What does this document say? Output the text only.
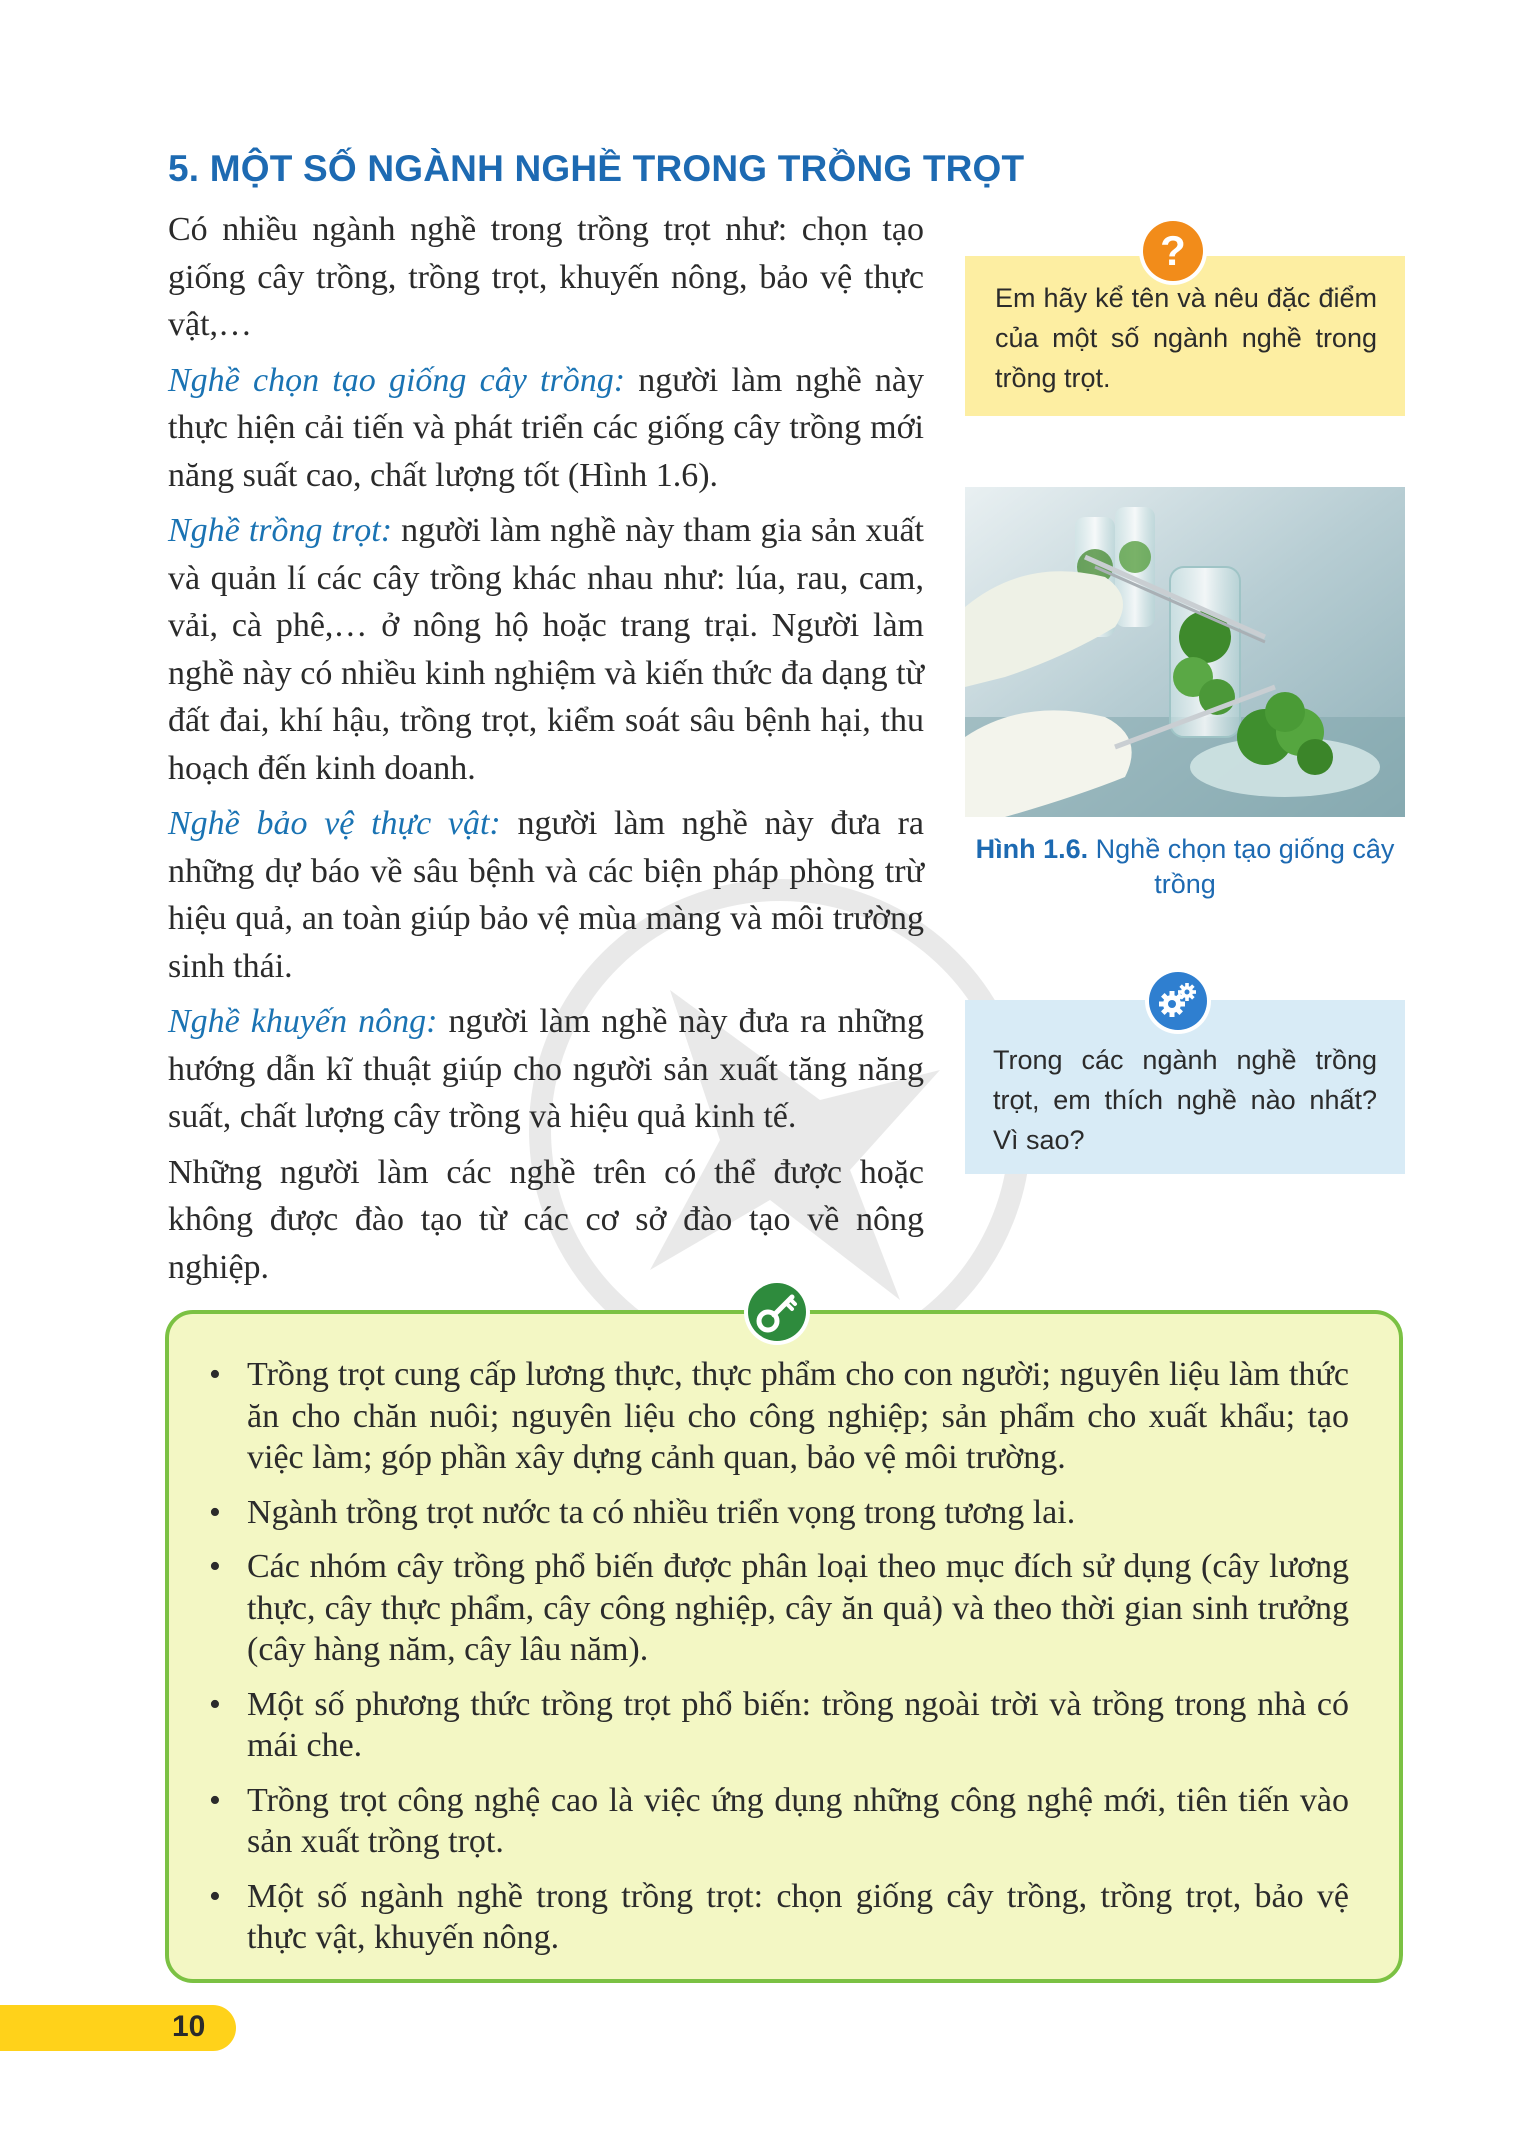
5. MỘT SỐ NGÀNH NGHỀ TRONG TRỒNG TRỌT

Có nhiều ngành nghề trong trồng trọt như: chọn tạo giống cây trồng, trồng trọt, khuyến nông, bảo vệ thực vật,…

Nghề chọn tạo giống cây trồng: người làm nghề này thực hiện cải tiến và phát triển các giống cây trồng mới năng suất cao, chất lượng tốt (Hình 1.6).

Nghề trồng trọt: người làm nghề này tham gia sản xuất và quản lí các cây trồng khác nhau như: lúa, rau, cam, vải, cà phê,… ở nông hộ hoặc trang trại. Người làm nghề này có nhiều kinh nghiệm và kiến thức đa dạng từ đất đai, khí hậu, trồng trọt, kiểm soát sâu bệnh hại, thu hoạch đến kinh doanh.

Nghề bảo vệ thực vật: người làm nghề này đưa ra những dự báo về sâu bệnh và các biện pháp phòng trừ hiệu quả, an toàn giúp bảo vệ mùa màng và môi trường sinh thái.

Nghề khuyến nông: người làm nghề này đưa ra những hướng dẫn kĩ thuật giúp cho người sản xuất tăng năng suất, chất lượng cây trồng và hiệu quả kinh tế.

Những người làm các nghề trên có thể được hoặc không được đào tạo từ các cơ sở đào tạo về nông nghiệp.

Em hãy kể tên và nêu đặc điểm của một số ngành nghề trong trồng trọt.
?
Hình 1.6. Nghề chọn tạo giống cây trồng
Trong các ngành nghề trồng trọt, em thích nghề nào nhất? Vì sao?
• Trồng trọt cung cấp lương thực, thực phẩm cho con người; nguyên liệu làm thức ăn cho chăn nuôi; nguyên liệu cho công nghiệp; sản phẩm cho xuất khẩu; tạo việc làm; góp phần xây dựng cảnh quan, bảo vệ môi trường.
• Ngành trồng trọt nước ta có nhiều triển vọng trong tương lai.
• Các nhóm cây trồng phổ biến được phân loại theo mục đích sử dụng (cây lương thực, cây thực phẩm, cây công nghiệp, cây ăn quả) và theo thời gian sinh trưởng (cây hàng năm, cây lâu năm).
• Một số phương thức trồng trọt phổ biến: trồng ngoài trời và trồng trong nhà có mái che.
• Trồng trọt công nghệ cao là việc ứng dụng những công nghệ mới, tiên tiến vào sản xuất trồng trọt.
• Một số ngành nghề trong trồng trọt: chọn giống cây trồng, trồng trọt, bảo vệ thực vật, khuyến nông.
10
